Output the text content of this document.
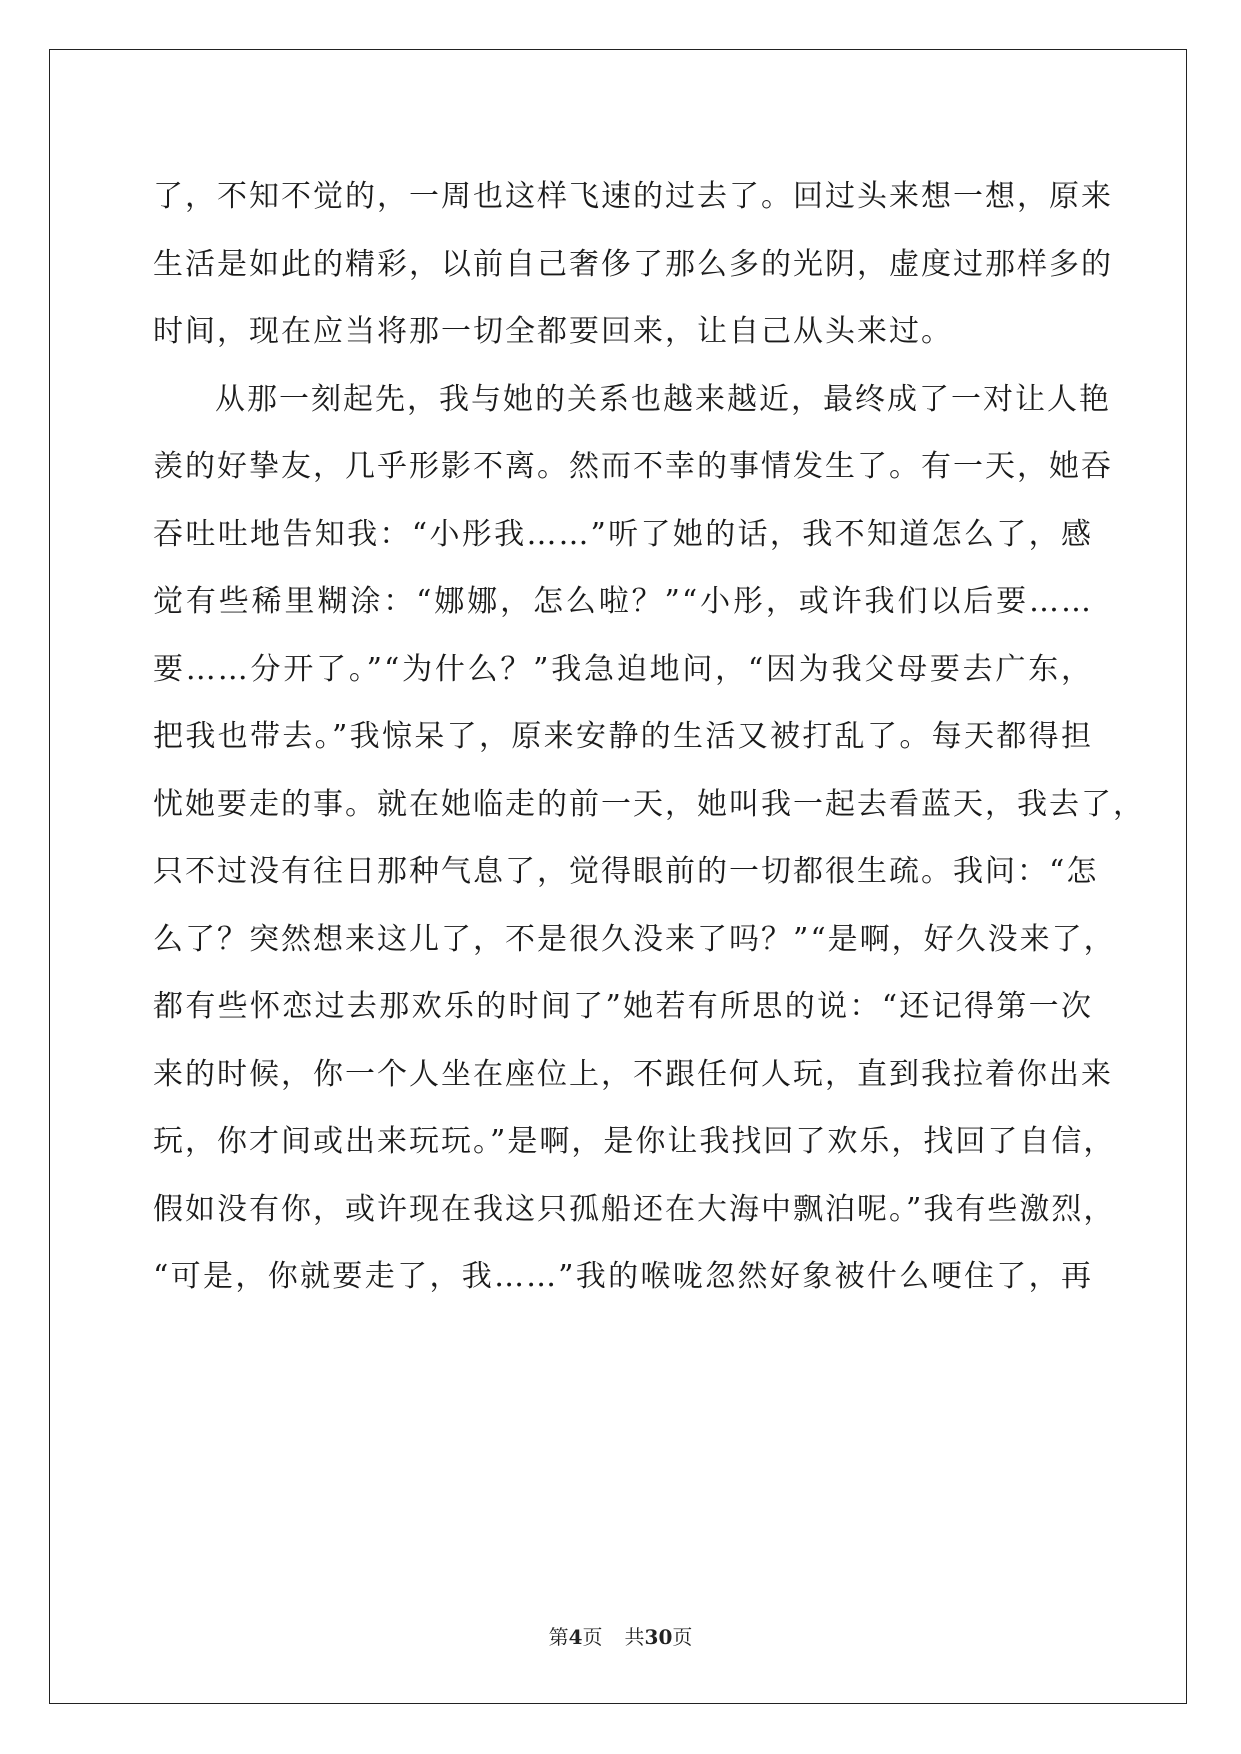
了，不知不觉的，一周也这样飞速的过去了。回过头来想一想，原来
生活是如此的精彩，以前自己奢侈了那么多的光阴，虚度过那样多的
时间，现在应当将那一切全都要回来，让自己从头来过。
从那一刻起先，我与她的关系也越来越近，最终成了一对让人艳
羡的好挚友，几乎形影不离。然而不幸的事情发生了。有一天，她吞
吞吐吐地告知我：“小彤我……”听了她的话，我不知道怎么了，感
觉有些稀里糊涂：“娜娜，怎么啦？”“小彤，或许我们以后要……
要……分开了。”“为什么？”我急迫地问，“因为我父母要去广东，
把我也带去。”我惊呆了，原来安静的生活又被打乱了。每天都得担
忧她要走的事。就在她临走的前一天，她叫我一起去看蓝天，我去了，
只不过没有往日那种气息了，觉得眼前的一切都很生疏。我问：“怎
么了？突然想来这儿了，不是很久没来了吗？”“是啊，好久没来了，
都有些怀恋过去那欢乐的时间了”她若有所思的说：“还记得第一次
来的时候，你一个人坐在座位上，不跟任何人玩，直到我拉着你出来
玩，你才间或出来玩玩。”是啊，是你让我找回了欢乐，找回了自信，
假如没有你，或许现在我这只孤船还在大海中飘泊呢。”我有些激烈，
“可是，你就要走了，我……”我的喉咙忽然好象被什么哽住了，再
第4页 共30页
